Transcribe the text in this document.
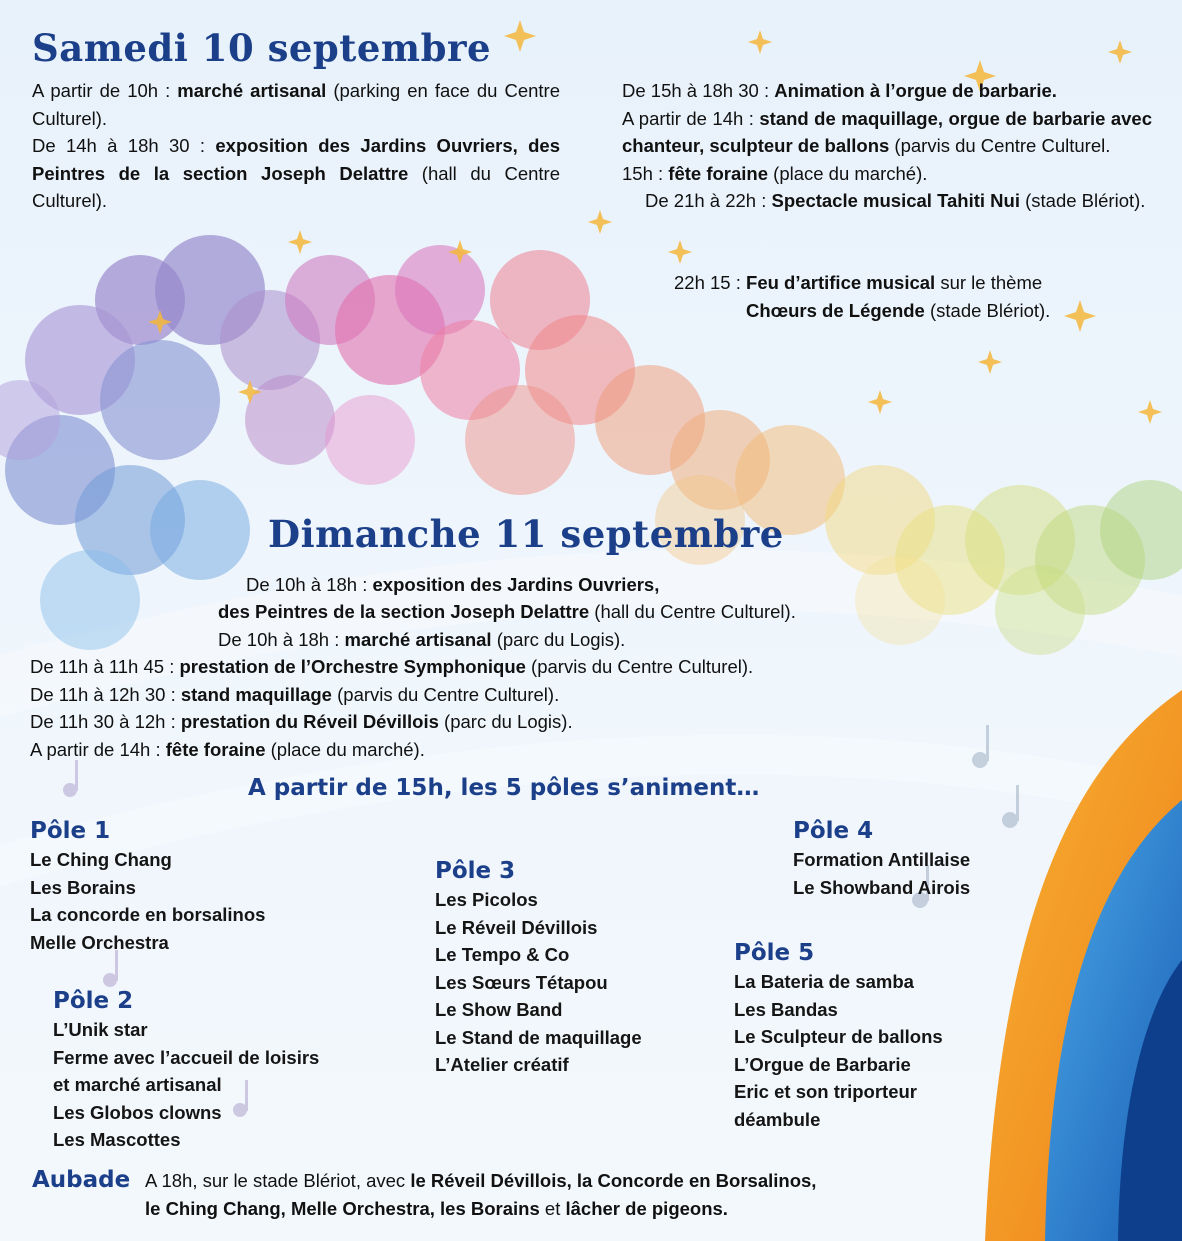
Samedi 10 septembre
A partir de 10h : marché artisanal (parking en face du Centre Culturel).
De 14h à 18h 30 : exposition des Jardins Ouvriers, des Peintres de la section Joseph Delattre (hall du Centre Culturel).
De 15h à 18h 30 : Animation à l’orgue de barbarie.
A partir de 14h : stand de maquillage, orgue de barbarie avec chanteur, sculpteur de ballons (parvis du Centre Culturel.
15h : fête foraine (place du marché).
De 21h à 22h : Spectacle musical Tahiti Nui (stade Blériot).
22h 15 : Feu d’artifice musical sur le thème
Chœurs de Légende (stade Blériot).
Dimanche 11 septembre
De 10h à 18h : exposition des Jardins Ouvriers,
des Peintres de la section Joseph Delattre (hall du Centre Culturel).
De 10h à 18h : marché artisanal (parc du Logis).
De 11h à 11h 45 : prestation de l’Orchestre Symphonique (parvis du Centre Culturel).
De 11h à 12h 30 : stand maquillage (parvis du Centre Culturel).
De 11h 30 à 12h : prestation du Réveil Dévillois (parc du Logis).
A partir de 14h : fête foraine (place du marché).
A partir de 15h, les 5 pôles s’animent…
Pôle 1
Le Ching Chang
Les Borains
La concorde en borsalinos
Melle Orchestra
Pôle 2
L’Unik star
Ferme avec l’accueil de loisirs
et marché artisanal
Les Globos clowns
Les Mascottes
Pôle 3
Les Picolos
Le Réveil Dévillois
Le Tempo & Co
Les Sœurs Tétapou
Le Show Band
Le Stand de maquillage
L’Atelier créatif
Pôle 4
Formation Antillaise
Le Showband Airois
Pôle 5
La Bateria de samba
Les Bandas
Le Sculpteur de ballons
L’Orgue de Barbarie
Eric et son triporteur
déambule
Aubade A 18h, sur le stade Blériot, avec le Réveil Dévillois, la Concorde en Borsalinos,
le Ching Chang, Melle Orchestra, les Borains et lâcher de pigeons.
